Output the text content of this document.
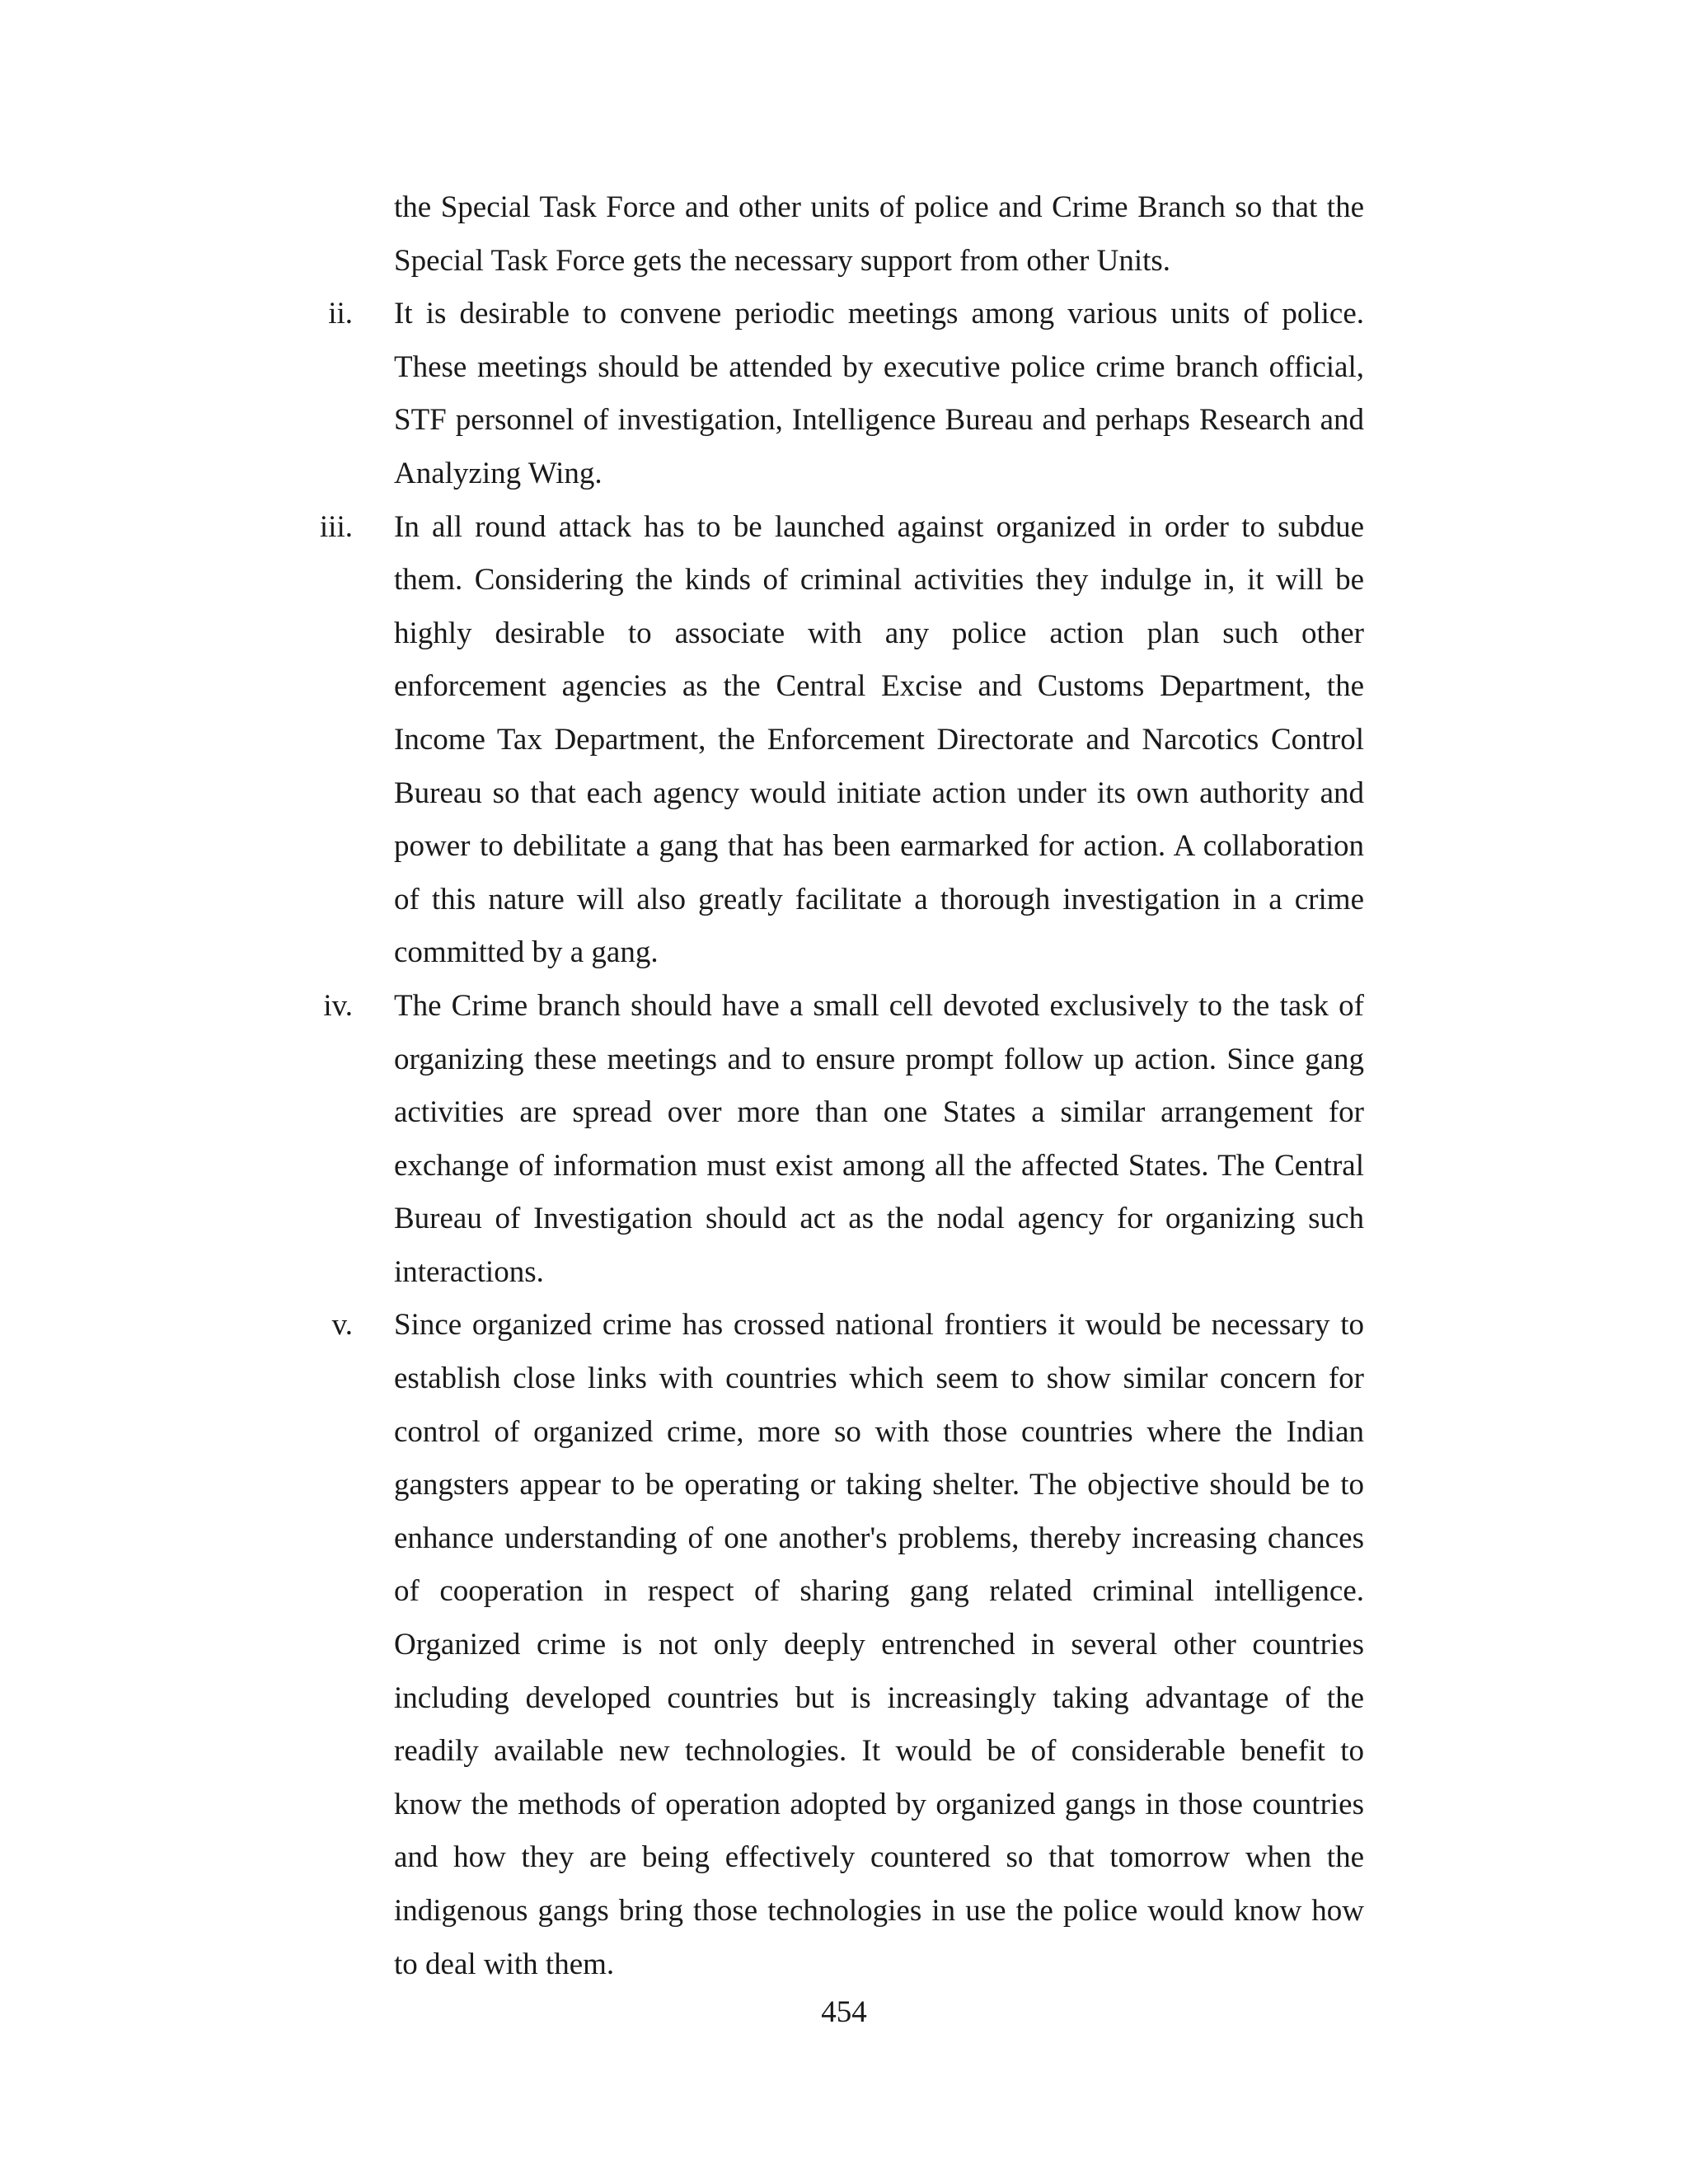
the Special Task Force and other units of police and Crime Branch so that the Special Task Force gets the necessary support from other Units.
ii. It is desirable to convene periodic meetings among various units of police. These meetings should be attended by executive police crime branch official, STF personnel of investigation, Intelligence Bureau and perhaps Research and Analyzing Wing.
iii. In all round attack has to be launched against organized in order to subdue them. Considering the kinds of criminal activities they indulge in, it will be highly desirable to associate with any police action plan such other enforcement agencies as the Central Excise and Customs Department, the Income Tax Department, the Enforcement Directorate and Narcotics Control Bureau so that each agency would initiate action under its own authority and power to debilitate a gang that has been earmarked for action. A collaboration of this nature will also greatly facilitate a thorough investigation in a crime committed by a gang.
iv. The Crime branch should have a small cell devoted exclusively to the task of organizing these meetings and to ensure prompt follow up action. Since gang activities are spread over more than one States a similar arrangement for exchange of information must exist among all the affected States. The Central Bureau of Investigation should act as the nodal agency for organizing such interactions.
v. Since organized crime has crossed national frontiers it would be necessary to establish close links with countries which seem to show similar concern for control of organized crime, more so with those countries where the Indian gangsters appear to be operating or taking shelter. The objective should be to enhance understanding of one another's problems, thereby increasing chances of cooperation in respect of sharing gang related criminal intelligence. Organized crime is not only deeply entrenched in several other countries including developed countries but is increasingly taking advantage of the readily available new technologies. It would be of considerable benefit to know the methods of operation adopted by organized gangs in those countries and how they are being effectively countered so that tomorrow when the indigenous gangs bring those technologies in use the police would know how to deal with them.
454
